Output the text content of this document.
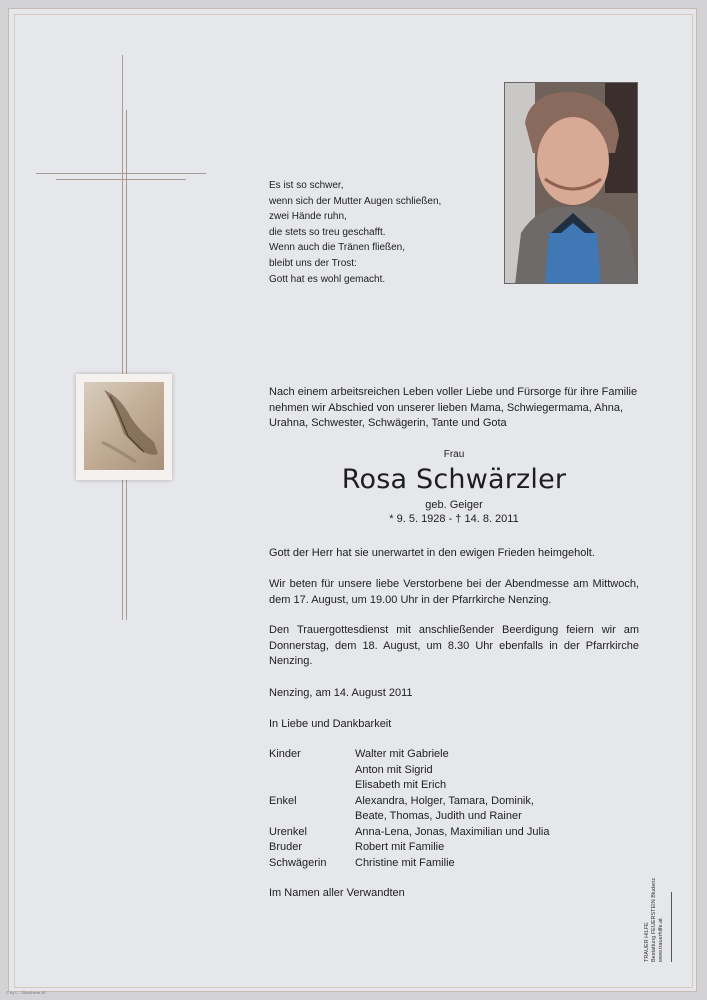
Es ist so schwer,
wenn sich der Mutter Augen schließen,
zwei Hände ruhn,
die stets so treu geschafft.
Wenn auch die Tränen fließen,
bleibt uns der Trost:
Gott hat es wohl gemacht.
Nach einem arbeitsreichen Leben voller Liebe und Fürsorge für ihre Familie nehmen wir Abschied von unserer lieben Mama, Schwiegermama, Ahna, Urahna, Schwester, Schwägerin, Tante und Gota
Frau
Rosa Schwärzler
geb. Geiger
* 9. 5. 1928 - † 14. 8. 2011
Gott der Herr hat sie unerwartet in den ewigen Frieden heimgeholt.
Wir beten für unsere liebe Verstorbene bei der Abendmesse am Mittwoch, dem 17. August, um 19.00 Uhr in der Pfarrkirche Nenzing.
Den Trauergottesdienst mit anschließender Beerdigung feiern wir am Donnerstag, dem 18. August, um 8.30 Uhr ebenfalls in der Pfarrkirche Nenzing.
Nenzing, am 14. August 2011
In Liebe und Dankbarkeit
Kinder	Walter mit Gabriele
Anton mit Sigrid
Elisabeth mit Erich
Enkel	Alexandra, Holger, Tamara, Dominik,
Beate, Thomas, Judith und Rainer
Urenkel	Anna-Lena, Jonas, Maximilian und Julia
Bruder	Robert mit Familie
Schwägerin	Christine mit Familie
Im Namen aller Verwandten
TRAUER HILFE Bestattung FEUERSTEIN Bludenz www.trauerhilfe.at
© by L. - Bönsheim 46
